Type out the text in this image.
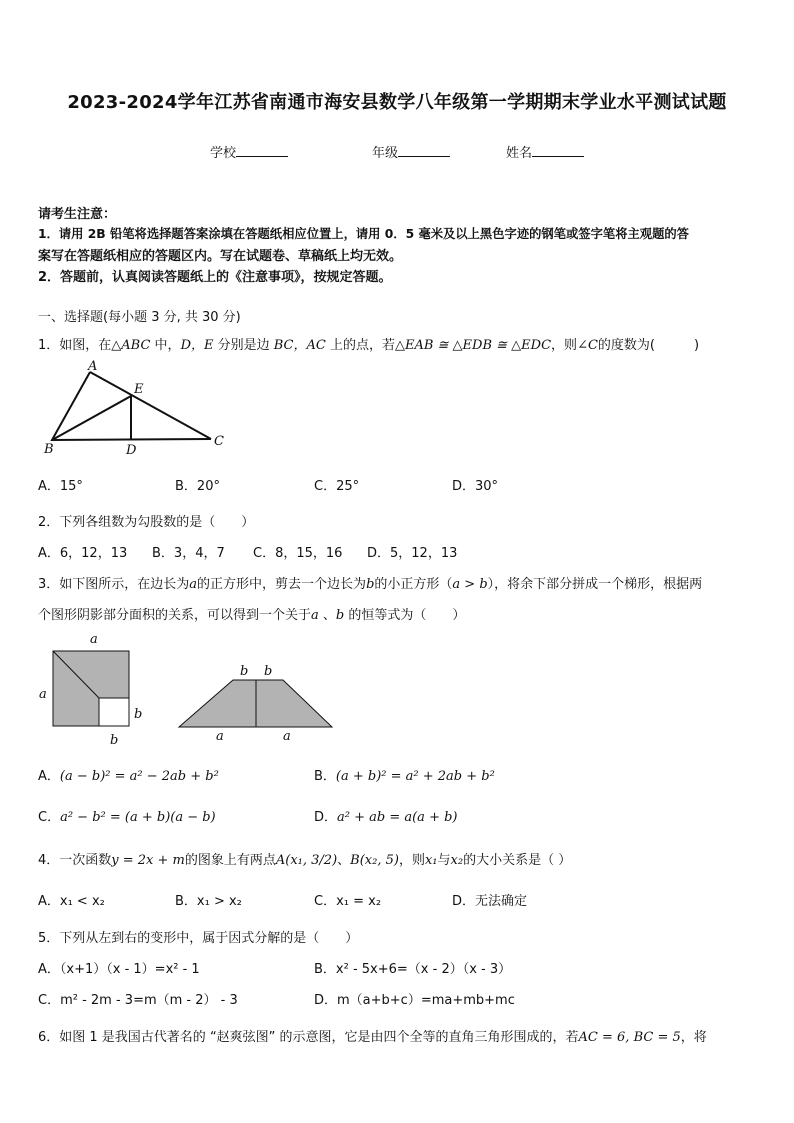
2023-2024学年江苏省南通市海安县数学八年级第一学期期末学业水平测试试题
学校	年级	姓名
请考生注意：
1．请用 2B 铅笔将选择题答案涂填在答题纸相应位置上，请用 0．5 毫米及以上黑色字迹的钢笔或签字笔将主观题的答
案写在答题纸相应的答题区内。写在试题卷、草稿纸上均无效。
2．答题前，认真阅读答题纸上的《注意事项》，按规定答题。
一、选择题(每小题 3 分, 共 30 分)
1．如图，在△ABC 中，D，E 分别是边 BC，AC 上的点，若△EAB ≅ △EDB ≅ △EDC，则∠C的度数为(　　　)
A
E
B	D
C
A．15°	B．20°	C．25°	D．30°
2．下列各组数为勾股数的是（　　）
A．6，12，13 B．3，4，7 C．8，15，16 D．5，12，13
3．如下图所示，在边长为a的正方形中，剪去一个边长为b的小正方形（a > b），将余下部分拼成一个梯形，根据两
个图形阴影部分面积的关系，可以得到一个关于a 、b 的恒等式为（　　）
a
a
b
b
b b
a	a
A．(a − b)² = a² − 2ab + b²	B．(a + b)² = a² + 2ab + b²
C．a² − b² = (a + b)(a − b)	D．a² + ab = a(a + b)
4．一次函数y = 2x + m的图象上有两点A(x₁, 3/2)、B(x₂, 5)，则x₁与x₂的大小关系是（ ）
A．x₁ < x₂	B．x₁ > x₂	C．x₁ = x₂	D．无法确定
5．下列从左到右的变形中，属于因式分解的是（　　）
A．（x+1）（x - 1）=x² - 1	B．x² - 5x+6=（x - 2）（x - 3）
C．m² - 2m - 3=m（m - 2） - 3	D．m（a+b+c）=ma+mb+mc
6．如图 1 是我国古代著名的 “赵爽弦图” 的示意图，它是由四个全等的直角三角形围成的，若AC = 6, BC = 5，将
